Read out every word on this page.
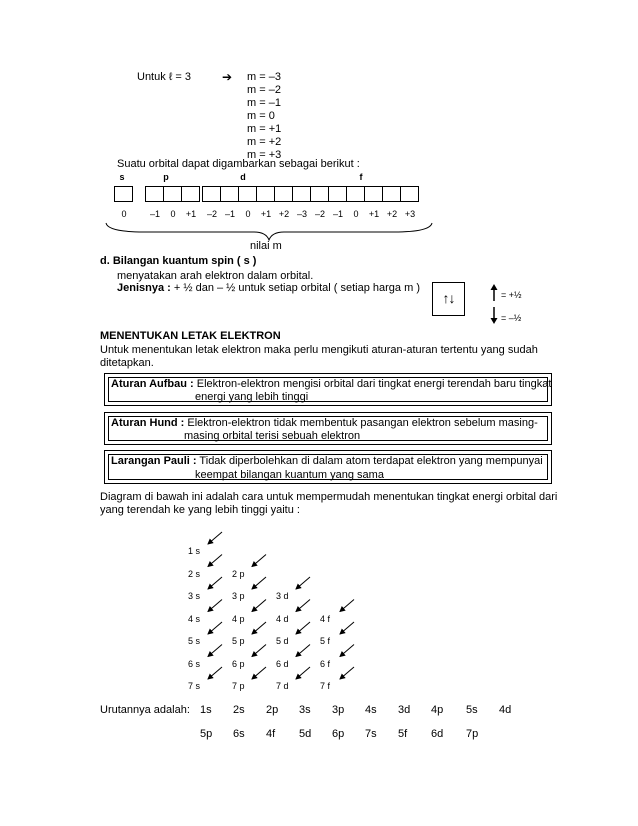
Untuk ℓ = 3	➔ m = –3
m = –2
m = –1
m = 0
m = +1
m = +2
m = +3
Suatu orbital dapat digambarkan sebagai berikut :
s
0
p
–1 0 +1
d
–2 –1 0 +1 +2
f
–3 –2 –1 0 +1 +2 +3
nilai m
d. Bilangan kuantum spin ( s )
menyatakan arah elektron dalam orbital.
Jenisnya : + ½ dan – ½ untuk setiap orbital ( setiap harga m )
↑↓	= +½
= –½
MENENTUKAN LETAK ELEKTRON
Untuk menentukan letak elektron maka perlu mengikuti aturan-aturan tertentu yang sudah
ditetapkan.
Aturan Aufbau : Elektron-elektron mengisi orbital dari tingkat energi terendah baru tingkat
energi yang lebih tinggi
Aturan Hund : Elektron-elektron tidak membentuk pasangan elektron sebelum masing-
masing orbital terisi sebuah elektron
Larangan Pauli : Tidak diperbolehkan di dalam atom terdapat elektron yang mempunyai
keempat bilangan kuantum yang sama
Diagram di bawah ini adalah cara untuk mempermudah menentukan tingkat energi orbital dari
yang terendah ke yang lebih tinggi yaitu :
1 s
2 s	2 p
3 s	3 p	3 d
4 s	4 p	4 d	4 f
5 s	5 p	5 d	5 f
6 s	6 p	6 d	6 f
7 s	7 p	7 d	7 f
Urutannya adalah: 1s 2s 2p 3s 3p 4s 3d 4p 5s 4d
5p 6s 4f 5d 6p 7s 5f 6d 7p
